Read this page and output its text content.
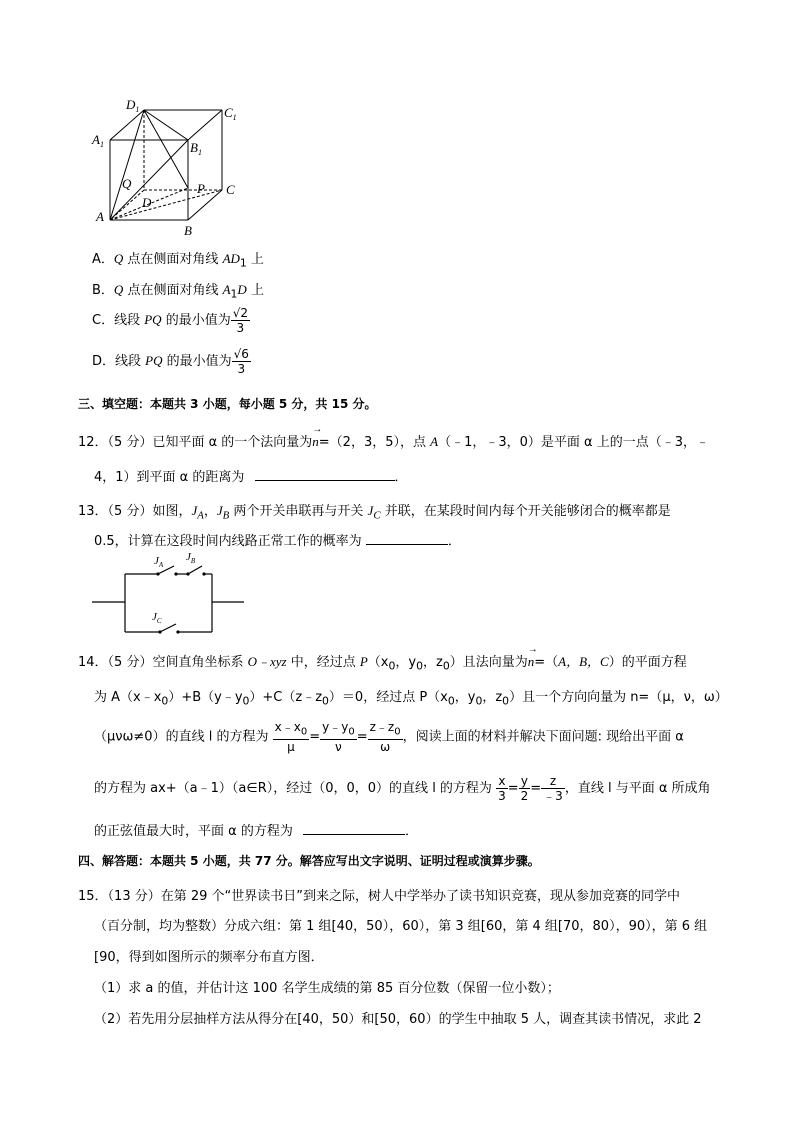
$D_1$	$C_1$
$A_1$	$B_1$
Q	P C
D
A
B
A．Q 点在侧面对角线 $AD_1$ 上
B．Q 点在侧面对角线 $A_1D$ 上
C．线段 PQ 的最小值为 $\frac{√2}{3}$
D．线段 PQ 的最小值为 $\frac{√6}{3}$
三、填空题：本题共 3 小题，每小题 5 分，共 15 分。
12．（5 分）已知平面 α 的一个法向量为
→
n=（2，3，5），点 A（﹣1，﹣3，0）是平面 α 上的一点（﹣3，﹣
4，1）到平面 α 的距离为	．
13．（5 分）如图，$J_A$，$J_B$ 两个开关串联再与开关 $J_C$ 并联，在某段时间内每个开关能够闭合的概率都是
0.5，计算在这段时间内线路正常工作的概率为	．
$J_A$
$J_B$
$J_C$
14．（5 分）空间直角坐标系 O﹣xyz 中，经过点 $P(x_0$，$y_0$，$z_0$）且法向量为
→
n=（A，B，C）的平面方程
为 $A(x﹣x_0)+B(y﹣y_0)+C(z﹣z_0)=0$，经过点 $P(x_0$，$y_0$，$z_0$）且一个方向向量为 n=（μ，ν，ω）
（μνω≠0）的直线 l 的方程为 $\frac{x﹣x_0}{\mu} = \frac{y﹣y_0}{\nu} = \frac{z﹣z_0}{\omega}$ ，阅读上面的材料并解决下面问题: 现给出平面 α
的方程为 ax+（a﹣1）（a∈R），经过（0，0，0）的直线 l 的方程为 $\frac{x}{3} = \frac{y}{2} = \frac{z}{﹣3}$ ，直线 l 与平面 α 所成角
的正弦值最大时，平面 α 的方程为	．
四、解答题：本题共 5 小题，共 77 分。解答应写出文字说明、证明过程或演算步骤。
15．（13 分）在第 29 个“世界读书日”到来之际，树人中学举办了读书知识竞赛，现从参加竞赛的同学中
（百分制，均为整数）分成六组：第 1 组[40，50），60），第 3 组[60，第 4 组[70，80），90），第 6 组
[90，得到如图所示的频率分布直方图．
（1）求 a 的值，并估计这 100 名学生成绩的第 85 百分位数（保留一位小数）；
（2）若先用分层抽样方法从得分在[40，50）和[50，60）的学生中抽取 5 人，调查其读书情况，求此 2
